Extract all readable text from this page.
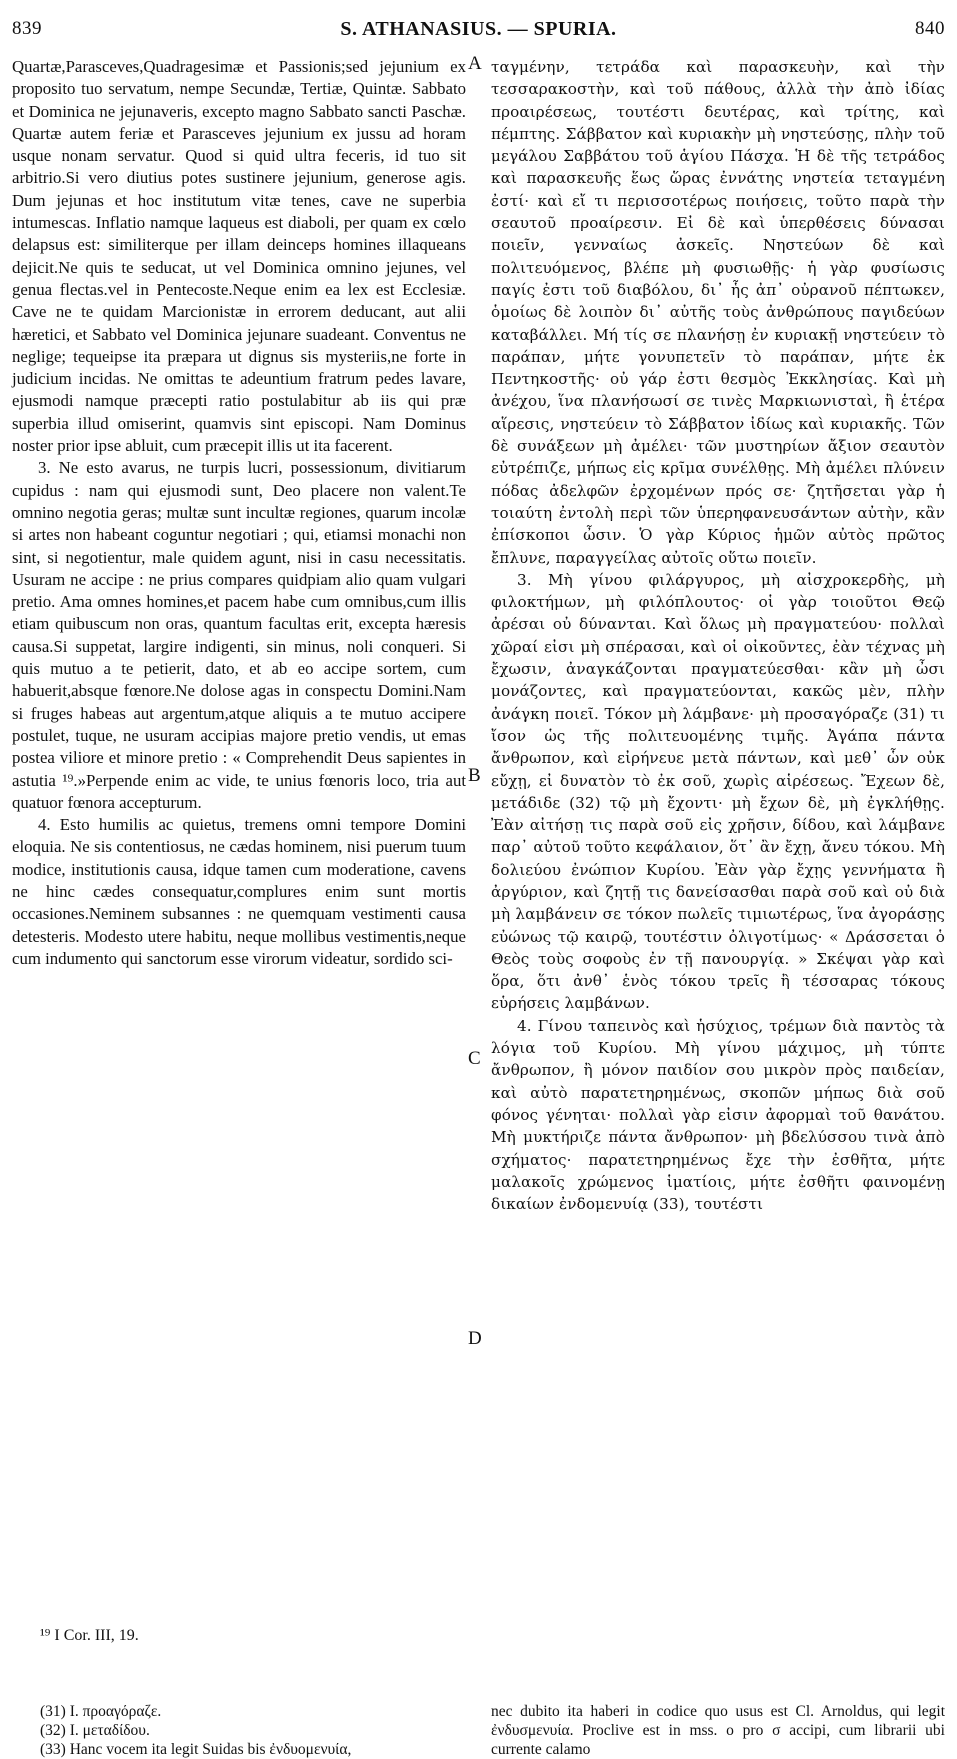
839	S. ATHANASIUS. — SPURIA.	840

Quartæ,Parasceves,Quadragesimæ et Passionis;sed jejunium ex proposito tuo servatum, nempe Secundæ, Tertiæ, Quintæ. Sabbato et Dominica ne jejunaveris, excepto magno Sabbato sancti Paschæ. Quartæ autem feriæ et Parasceves jejunium ex jussu ad horam usque nonam servatur. Quod si quid ultra feceris, id tuo sit arbitrio.Si vero diutius potes sustinere jejunium, generose agis. Dum jejunas et hoc institutum vitæ tenes, cave ne superbia intumescas. Inflatio namque laqueus est diaboli, per quam ex cœlo delapsus est: similiterque per illam deinceps homines illaqueans dejicit.Ne quis te seducat, ut vel Dominica omnino jejunes, vel genua flectas.vel in Pentecoste.Neque enim ea lex est Ecclesiæ. Cave ne te quidam Marcionistæ in errorem deducant, aut alii hæretici, et Sabbato vel Dominica jejunare suadeant. Conventus ne neglige; tequeipse ita præpara ut dignus sis mysteriis,ne forte in judicium incidas. Ne omittas te adeuntium fratrum pedes lavare, ejusmodi namque præcepti ratio postulabitur ab iis qui præ superbia illud omiserint, quamvis sint episcopi. Nam Dominus noster prior ipse abluit, cum præcepit illis ut ita facerent.

3. Ne esto avarus, ne turpis lucri, possessionum, divitiarum cupidus : nam qui ejusmodi sunt, Deo placere non valent.Te omnino negotia geras; multæ sunt incultæ regiones, quarum incolæ si artes non habeant coguntur negotiari ; qui, etiamsi monachi non sint, si negotientur, male quidem agunt, nisi in casu necessitatis. Usuram ne accipe : ne prius compares quidpiam alio quam vulgari pretio. Ama omnes homines,et pacem habe cum omnibus,cum illis etiam quibuscum non oras, quantum facultas erit, excepta hæresis causa.Si suppetat, largire indigenti, sin minus, noli conqueri. Si quis mutuo a te petierit, dato, et ab eo accipe sortem, cum habuerit,absque fœnore.Ne dolose agas in conspectu Domini.Nam si fruges habeas aut argentum,atque aliquis a te mutuo accipere postulet, tuque, ne usuram accipias majore pretio vendis, ut emas postea viliore et minore pretio : « Comprehendit Deus sapientes in astutia ¹⁹.»Perpende enim ac vide, te unius fœnoris loco, tria aut quatuor fœnora accepturum.

4. Esto humilis ac quietus, tremens omni tempore Domini eloquia. Ne sis contentiosus, ne cædas hominem, nisi puerum tuum modice, institutionis causa, idque tamen cum moderatione, cavens ne hinc cædes consequatur,complures enim sunt mortis occasiones.Neminem subsannes : ne quemquam vestimenti causa detesteris. Modesto utere habitu, neque mollibus vestimentis,neque cum indumento qui sanctorum esse virorum videatur, sordido sci-

A
B
C
D

ταγμένην, τετράδα καὶ παρασκευὴν, καὶ τὴν τεσσαρακοστὴν, καὶ τοῦ πάθους, ἀλλὰ τὴν ἀπὸ ἰδίας προαιρέσεως, τουτέστι δευτέρας, καὶ τρίτης, καὶ πέμπτης. Σάββατον καὶ κυριακὴν μὴ νηστεύσῃς, πλὴν τοῦ μεγάλου Σαββάτου τοῦ ἁγίου Πάσχα. Ἡ δὲ τῆς τετράδος καὶ παρασκευῆς ἕως ὥρας ἐννάτης νηστεία τεταγμένη ἐστί· καὶ εἴ τι περισσοτέρως ποιήσεις, τοῦτο παρὰ τὴν σεαυτοῦ προαίρεσιν. Εἰ δὲ καὶ ὑπερθέσεις δύνασαι ποιεῖν, γενναίως ἀσκεῖς. Νηστεύων δὲ καὶ πολιτευόμενος, βλέπε μὴ φυσιωθῇς· ἡ γὰρ φυσίωσις παγίς ἐστι τοῦ διαβόλου, δι᾽ ἧς ἀπ᾽ οὐρανοῦ πέπτωκεν, ὁμοίως δὲ λοιπὸν δι᾽ αὐτῆς τοὺς ἀνθρώπους παγιδεύων καταβάλλει. Μή τίς σε πλανήσῃ ἐν κυριακῇ νηστεύειν τὸ παράπαν, μήτε γονυπετεῖν τὸ παράπαν, μήτε ἐκ Πεντηκοστῆς· οὐ γάρ ἐστι θεσμὸς Ἐκκλησίας. Καὶ μὴ ἀνέχου, ἵνα πλανήσωσί σε τινὲς Μαρκιωνισταὶ, ἢ ἑτέρα αἵρεσις, νηστεύειν τὸ Σάββατον ἰδίως καὶ κυριακῆς. Τῶν δὲ συνάξεων μὴ ἀμέλει· τῶν μυστηρίων ἄξιον σεαυτὸν εὐτρέπιζε, μήπως εἰς κρῖμα συνέλθῃς. Μὴ ἀμέλει πλύνειν πόδας ἀδελφῶν ἐρχομένων πρός σε· ζητῆσεται γὰρ ἡ τοιαύτη ἐντολὴ περὶ τῶν ὑπερηφανευσάντων αὐτὴν, κἂν ἐπίσκοποι ὦσιν. Ὁ γὰρ Κύριος ἡμῶν αὐτὸς πρῶτος ἔπλυνε, παραγγείλας αὐτοῖς οὕτω ποιεῖν.

3. Μὴ γίνου φιλάργυρος, μὴ αἰσχροκερδὴς, μὴ φιλοκτήμων, μὴ φιλόπλουτος· οἱ γὰρ τοιοῦτοι Θεῷ ἀρέσαι οὐ δύνανται. Καὶ ὅλως μὴ πραγματεύου· πολλαὶ χῶραί εἰσι μὴ σπέρασαι, καὶ οἱ οἰκοῦντες, ἐὰν τέχνας μὴ ἔχωσιν, ἀναγκάζονται πραγματεύεσθαι· κἂν μὴ ὦσι μονάζοντες, καὶ πραγματεύονται, κακῶς μὲν, πλὴν ἀνάγκη ποιεῖ. Τόκον μὴ λάμβανε· μὴ προσαγόραζε (31) τι ἴσον ὡς τῆς πολιτευομένης τιμῆς. Ἀγάπα πάντα ἄνθρωπον, καὶ εἰρήνευε μετὰ πάντων, καὶ μεθ᾽ ὧν οὐκ εὔχῃ, εἰ δυνατὸν τὸ ἐκ σοῦ, χωρὶς αἱρέσεως. Ἔχεων δὲ, μετάδιδε (32) τῷ μὴ ἔχοντι· μὴ ἔχων δὲ, μὴ ἐγκλήθῃς. Ἐὰν αἰτήσῃ τις παρὰ σοῦ εἰς χρῆσιν, δίδου, καὶ λάμβανε παρ᾽ αὐτοῦ τοῦτο κεφάλαιον, ὅτ᾽ ἂν ἔχῃ, ἄνευ τόκου. Μὴ δολιεύου ἐνώπιον Κυρίου. Ἐὰν γὰρ ἔχῃς γεννήματα ἢ ἀργύριον, καὶ ζητῇ τις δανείσασθαι παρὰ σοῦ καὶ οὐ διὰ μὴ λαμβάνειν σε τόκον πωλεῖς τιμιωτέρως, ἵνα ἀγοράσῃς εὐώνως τῷ καιρῷ, τουτέστιν ὀλιγοτίμως· « Δράσσεται ὁ Θεὸς τοὺς σοφοὺς ἐν τῇ πανουργίᾳ. » Σκέψαι γὰρ καὶ ὅρα, ὅτι ἀνθ᾽ ἑνὸς τόκου τρεῖς ἢ τέσσαρας τόκους εὑρήσεις λαμβάνων.

4. Γίνου ταπεινὸς καὶ ἡσύχιος, τρέμων διὰ παντὸς τὰ λόγια τοῦ Κυρίου. Μὴ γίνου μάχιμος, μὴ τύπτε ἄνθρωπον, ἢ μόνον παιδίον σου μικρὸν πρὸς παιδείαν, καὶ αὐτὸ παρατετηρημένως, σκοπῶν μήπως διὰ σοῦ φόνος γένηται· πολλαὶ γὰρ εἰσιν ἀφορμαὶ τοῦ θανάτου. Μὴ μυκτήριζε πάντα ἄνθρωπον· μὴ βδελύσσου τινὰ ἀπὸ σχήματος· παρατετηρημένως ἔχε τὴν ἐσθῆτα, μήτε μαλακοῖς χρώμενος ἱματίοις, μήτε ἐσθῆτι φαινομένῃ δικαίων ἐνδομενυίᾳ (33), τουτέστι

¹⁹ I Cor. III, 19.
(31) I. προαγόραζε.
(32) I. μεταδίδου.
(33) Hanc vocem ita legit Suidas bis ἐνδυομενυία,
nec dubito ita haberi in codice quo usus est Cl. Arnoldus, qui legit ἐνδυσμενυία. Proclive est in mss. o pro σ accipi, cum librarii ubi currente calamo
